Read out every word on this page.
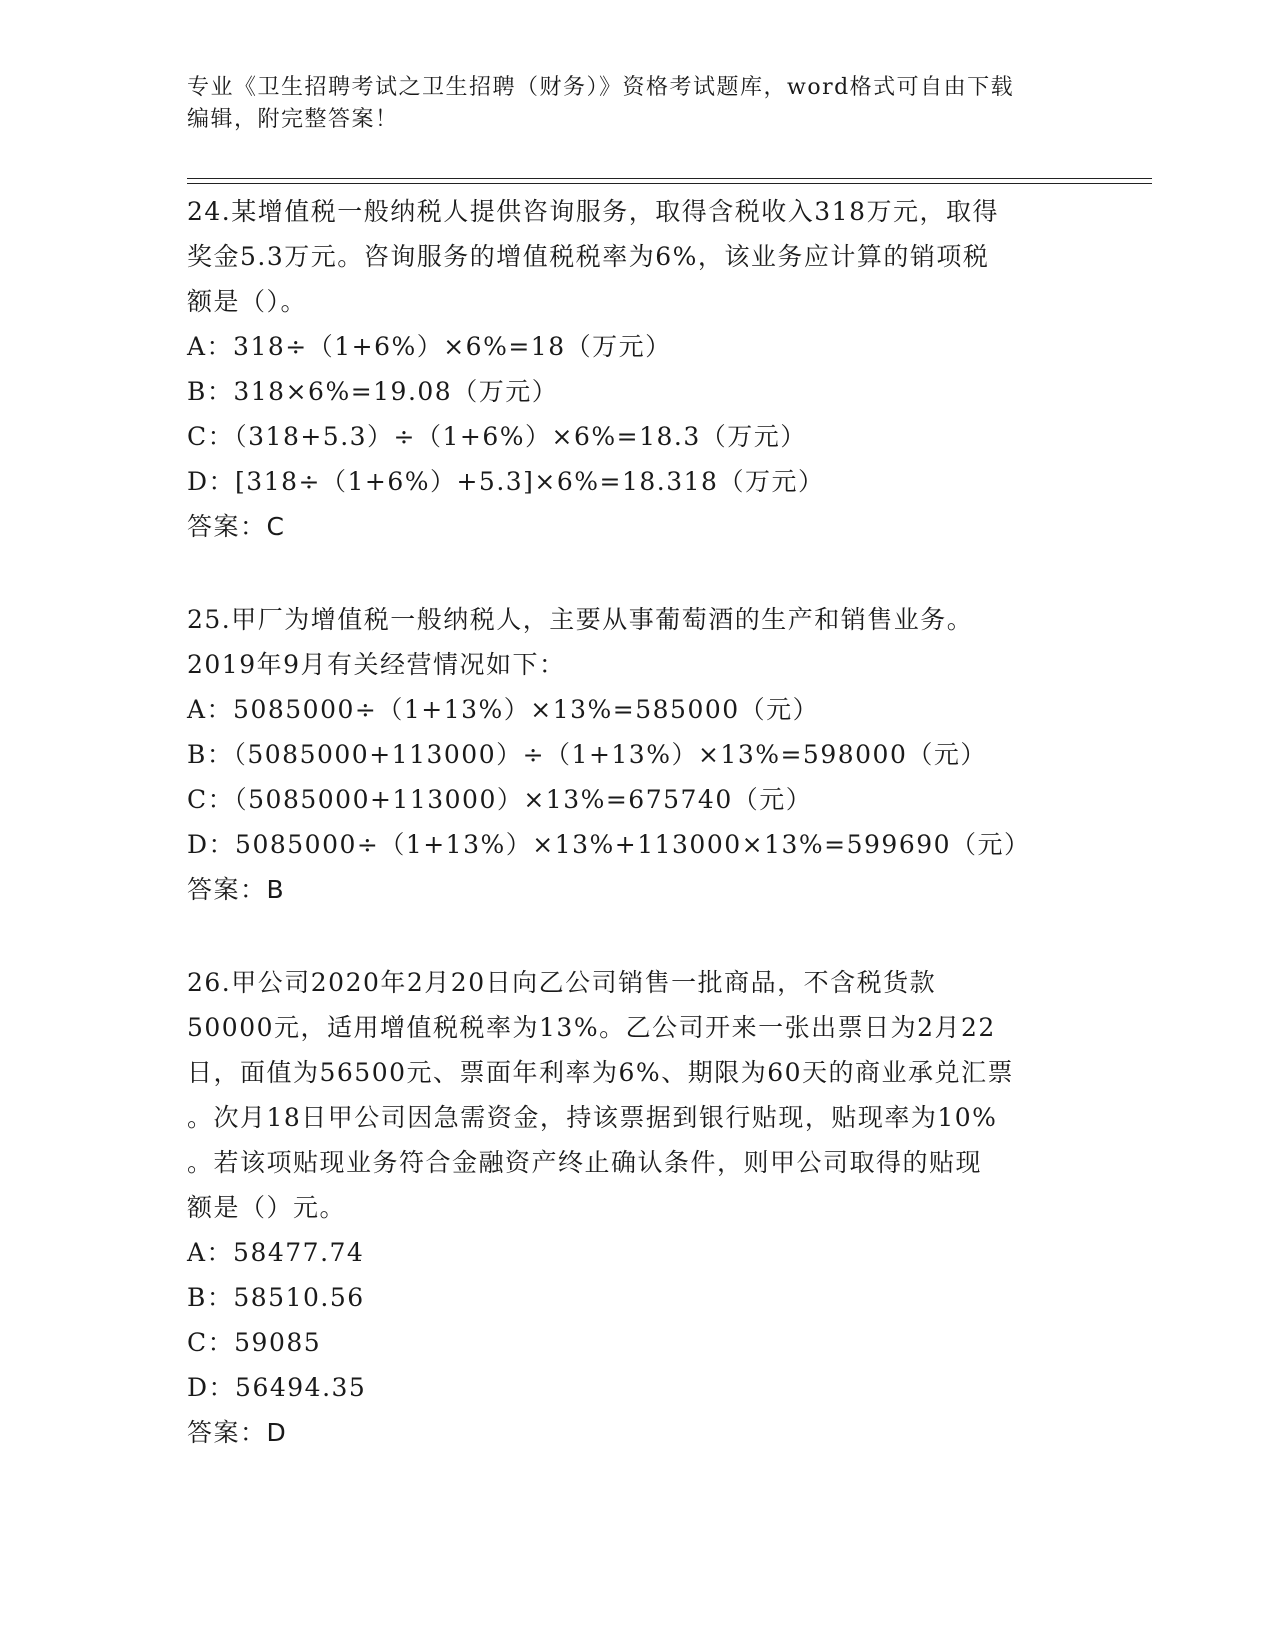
专业《卫生招聘考试之卫生招聘（财务）》资格考试题库，word格式可自由下载
编辑，附完整答案！

24.某增值税一般纳税人提供咨询服务，取得含税收入318万元，取得

奖金5.3万元。咨询服务的增值税税率为6%，该业务应计算的销项税

额是（）。

A：318÷（1+6%）×6%=18（万元）

B：318×6%=19.08（万元）

C：（318+5.3）÷（1+6%）×6%=18.3（万元）

D：[318÷（1+6%）+5.3]×6%=18.318（万元）

答案：C

25.甲厂为增值税一般纳税人，主要从事葡萄酒的生产和销售业务。

2019年9月有关经营情况如下：

A：5085000÷（1+13%）×13%=585000（元）

B：（5085000+113000）÷（1+13%）×13%=598000（元）

C：（5085000+113000）×13%=675740（元）

D：5085000÷（1+13%）×13%+113000×13%=599690（元）

答案：B

26.甲公司2020年2月20日向乙公司销售一批商品，不含税货款

50000元，适用增值税税率为13%。乙公司开来一张出票日为2月22

日，面值为56500元、票面年利率为6%、期限为60天的商业承兑汇票

。次月18日甲公司因急需资金，持该票据到银行贴现，贴现率为10%

。若该项贴现业务符合金融资产终止确认条件，则甲公司取得的贴现

额是（）元。

A：58477.74

B：58510.56

C：59085

D：56494.35

答案：D
